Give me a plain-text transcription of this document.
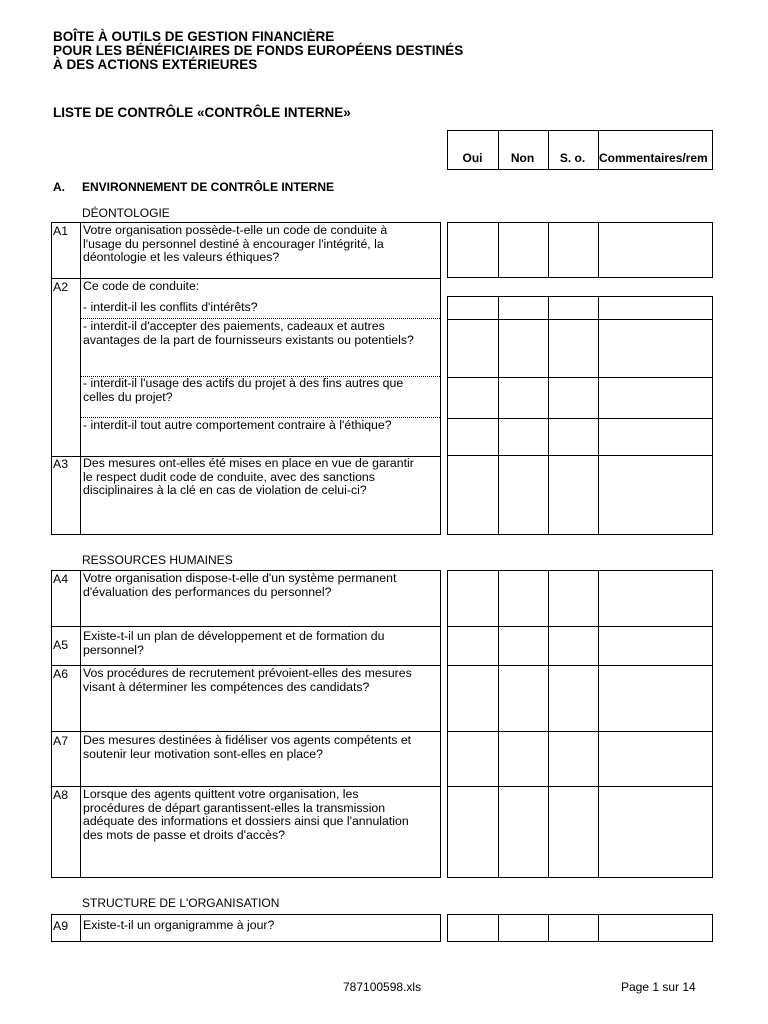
BOÎTE À OUTILS DE GESTION FINANCIÈRE
POUR LES BÉNÉFICIAIRES DE FONDS EUROPÉENS DESTINÉS
À DES ACTIONS EXTÉRIEURES
LISTE DE CONTRÔLE «CONTRÔLE INTERNE»
Oui	Non	S. o.	Commentaires/rem
A. ENVIRONNEMENT DE CONTRÔLE INTERNE
DÉONTOLOGIE
A1 Votre organisation possède-t-elle un code de conduite à
l'usage du personnel destiné à encourager l'intégrité, la
déontologie et les valeurs éthiques?
A2 Ce code de conduite:
- interdit-il les conflits d'intérêts?
- interdit-il d'accepter des paiements, cadeaux et autres
avantages de la part de fournisseurs existants ou potentiels?
- interdit-il l'usage des actifs du projet à des fins autres que
celles du projet?
- interdit-il tout autre comportement contraire à l'éthique?
A3 Des mesures ont-elles été mises en place en vue de garantir
le respect dudit code de conduite, avec des sanctions
disciplinaires à la clé en cas de violation de celui-ci?
RESSOURCES HUMAINES
A4 Votre organisation dispose-t-elle d'un système permanent
d'évaluation des performances du personnel?
A5
Existe-t-il un plan de développement et de formation du
personnel?
A6 Vos procédures de recrutement prévoient-elles des mesures
visant à déterminer les compétences des candidats?
A7 Des mesures destinées à fidéliser vos agents compétents et
soutenir leur motivation sont-elles en place?
A8 Lorsque des agents quittent votre organisation, les
procédures de départ garantissent-elles la transmission
adéquate des informations et dossiers ainsi que l'annulation
des mots de passe et droits d'accès?
STRUCTURE DE L'ORGANISATION
A9 Existe-t-il un organigramme à jour?
787100598.xls	Page 1 sur 14
